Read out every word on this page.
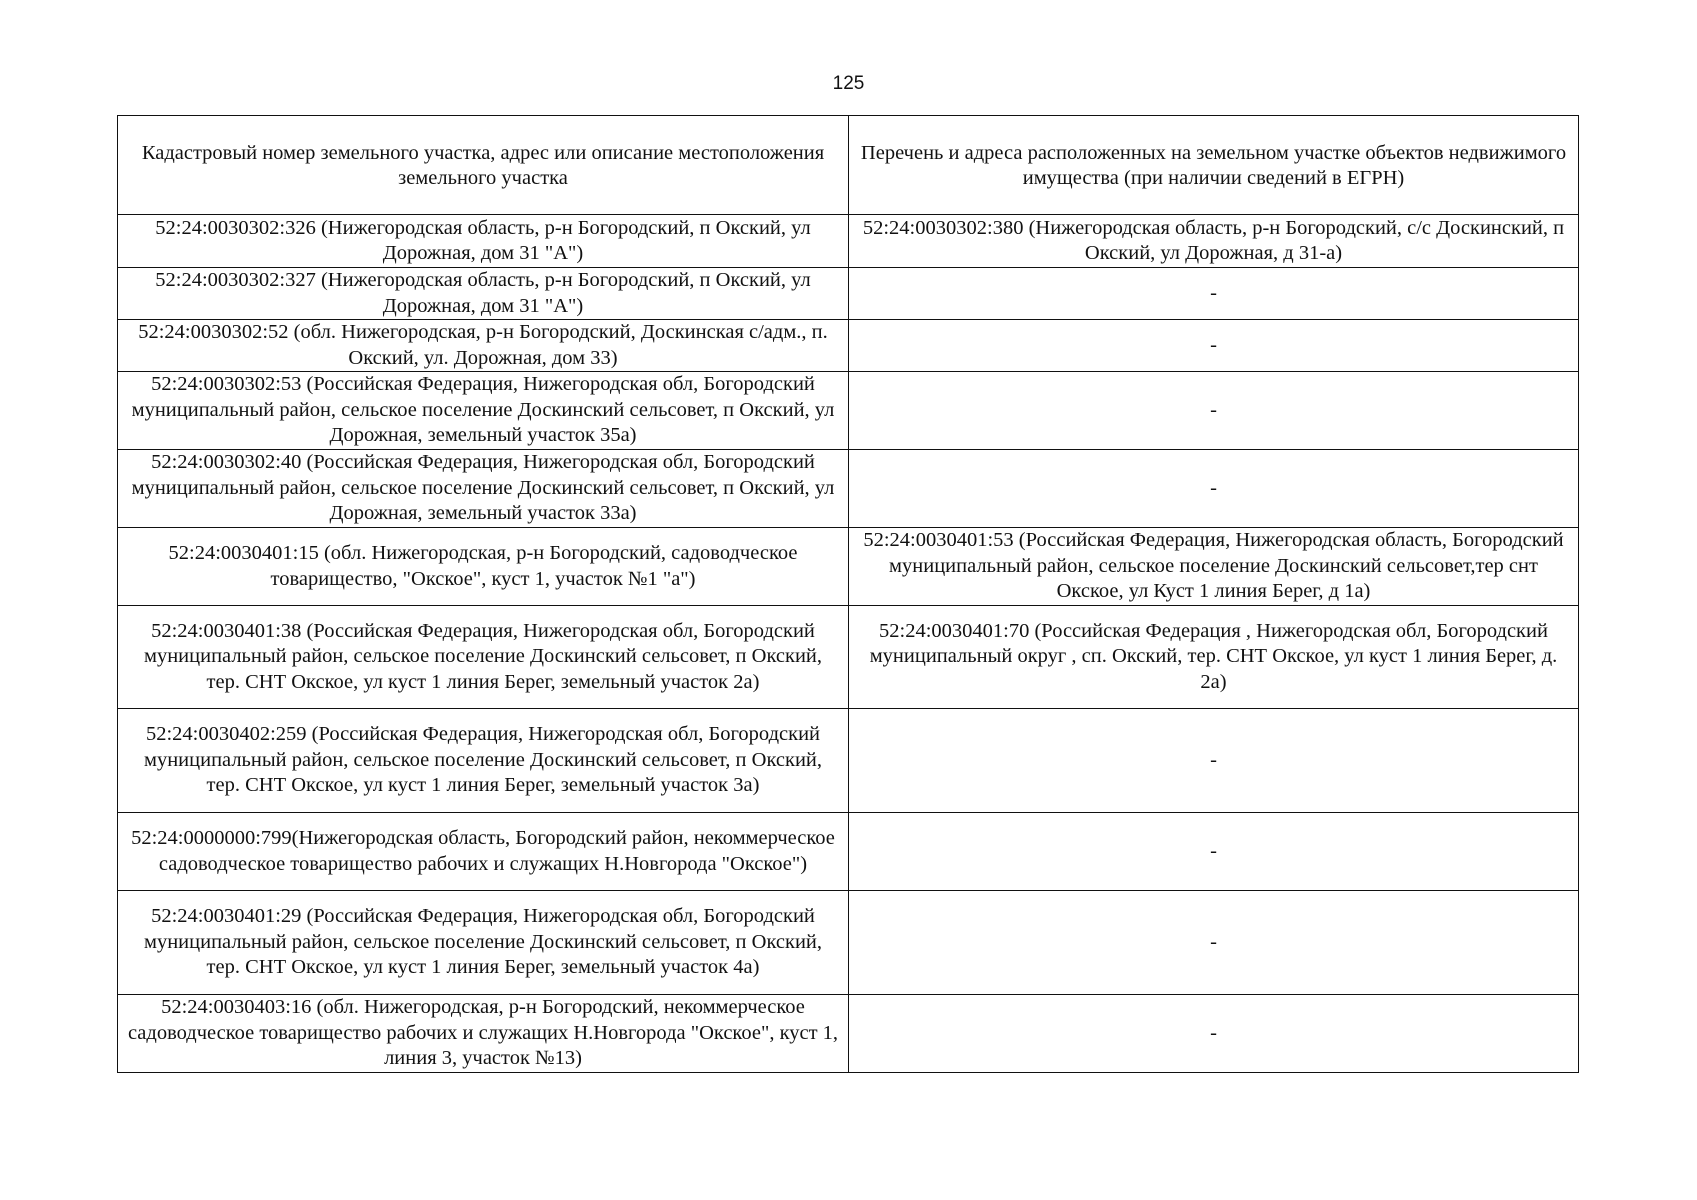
125
Кадастровый номер земельного участка, адрес или описание местоположения земельного участка	Перечень и адреса расположенных на земельном участке объектов недвижимого имущества (при наличии сведений в ЕГРН)
52:24:0030302:326 (Нижегородская область, р-н Богородский, п Окский, ул Дорожная, дом 31 "А")	52:24:0030302:380 (Нижегородская область, р-н Богородский, с/с Доскинский, п Окский, ул Дорожная, д 31-а)
52:24:0030302:327 (Нижегородская область, р-н Богородский, п Окский, ул Дорожная, дом 31 "А")	-
52:24:0030302:52 (обл. Нижегородская, р-н Богородский, Доскинская с/адм., п. Окский, ул. Дорожная, дом 33)	-
52:24:0030302:53 (Российская Федерация, Нижегородская обл, Богородский муниципальный район, сельское поселение Доскинский сельсовет, п Окский, ул Дорожная, земельный участок 35а)	-
52:24:0030302:40 (Российская Федерация, Нижегородская обл, Богородский муниципальный район, сельское поселение Доскинский сельсовет, п Окский, ул Дорожная, земельный участок 33а)	-
52:24:0030401:15 (обл. Нижегородская, р-н Богородский, садоводческое товарищество, "Окское", куст 1, участок №1 "а")	52:24:0030401:53 (Российская Федерация, Нижегородская область, Богородский муниципальный район, сельское поселение Доскинский сельсовет,тер снт Окское, ул Куст 1 линия Берег, д 1а)
52:24:0030401:38 (Российская Федерация, Нижегородская обл, Богородский муниципальный район, сельское поселение Доскинский сельсовет, п Окский, тер. СНТ Окское, ул куст 1 линия Берег, земельный участок 2а)	52:24:0030401:70 (Российская Федерация , Нижегородская обл, Богородский муниципальный округ , сп. Окский, тер. СНТ Окское, ул куст 1 линия Берег, д. 2а)
52:24:0030402:259 (Российская Федерация, Нижегородская обл, Богородский муниципальный район, сельское поселение Доскинский сельсовет, п Окский, тер. СНТ Окское, ул куст 1 линия Берег, земельный участок 3а)	-
52:24:0000000:799(Нижегородская область, Богородский район, некоммерческое садоводческое товарищество рабочих и служащих Н.Новгорода "Окское")	-
52:24:0030401:29 (Российская Федерация, Нижегородская обл, Богородский муниципальный район, сельское поселение Доскинский сельсовет, п Окский, тер. СНТ Окское, ул куст 1 линия Берег, земельный участок 4а)	-
52:24:0030403:16 (обл. Нижегородская, р-н Богородский, некоммерческое садоводческое товарищество рабочих и служащих Н.Новгорода "Окское", куст 1, линия 3, участок №13)	-
